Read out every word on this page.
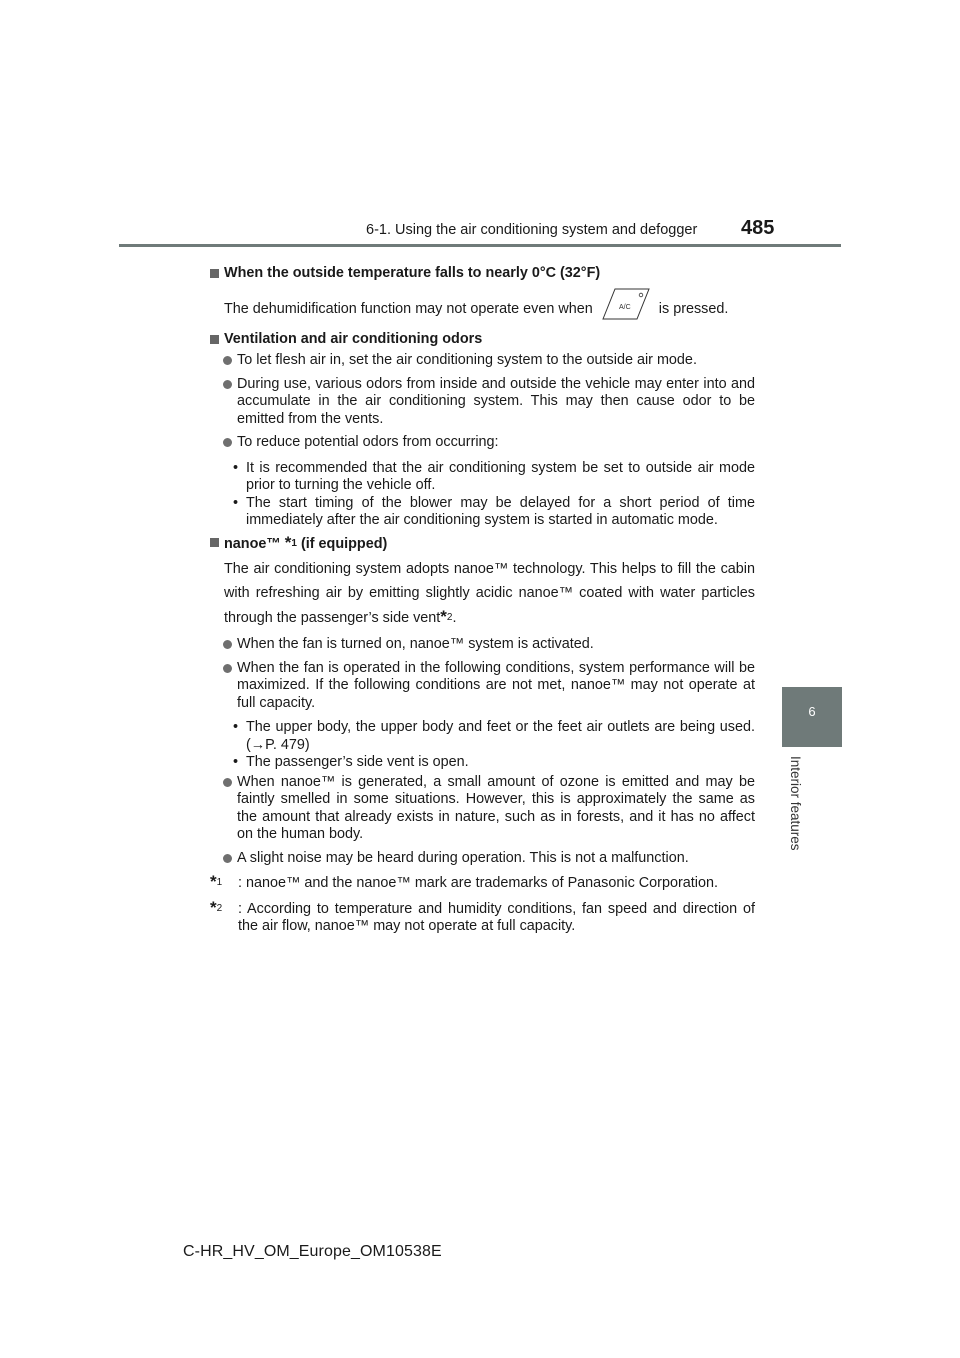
6-1. Using the air conditioning system and defogger 485
6
Interior features
When the outside temperature falls to nearly 0°C (32°F)
The dehumidification function may not operate even when	A/C is pressed.
Ventilation and air conditioning odors
To let flesh air in, set the air conditioning system to the outside air mode.
During use, various odors from inside and outside the vehicle may enter into and accumulate in the air conditioning system. This may then cause odor to be emitted from the vents.
To reduce potential odors from occurring:
• It is recommended that the air conditioning system be set to outside air mode prior to turning the vehicle off.
• The start timing of the blower may be delayed for a short period of time immediately after the air conditioning system is started in automatic mode.
nanoe™ *$^1$ (if equipped)
The air conditioning system adopts nanoe™ technology. This helps to fill the cabin with refreshing air by emitting slightly acidic nanoe™ coated with water particles through the passenger’s side vent*$^2$.
When the fan is turned on, nanoe™ system is activated.
When the fan is operated in the following conditions, system performance will be maximized. If the following conditions are not met, nanoe™ may not operate at full capacity.
• The upper body, the upper body and feet or the feet air outlets are being used. (→P. 479)
• The passenger’s side vent is open.
When nanoe™ is generated, a small amount of ozone is emitted and may be faintly smelled in some situations. However, this is approximately the same as the amount that already exists in nature, such as in forests, and it has no affect on the human body.
A slight noise may be heard during operation. This is not a malfunction.
*$^1$ : nanoe™ and the nanoe™ mark are trademarks of Panasonic Corporation.
*$^2$ : According to temperature and humidity conditions, fan speed and direction of the air flow, nanoe™ may not operate at full capacity.
C-HR_HV_OM_Europe_OM10538E
